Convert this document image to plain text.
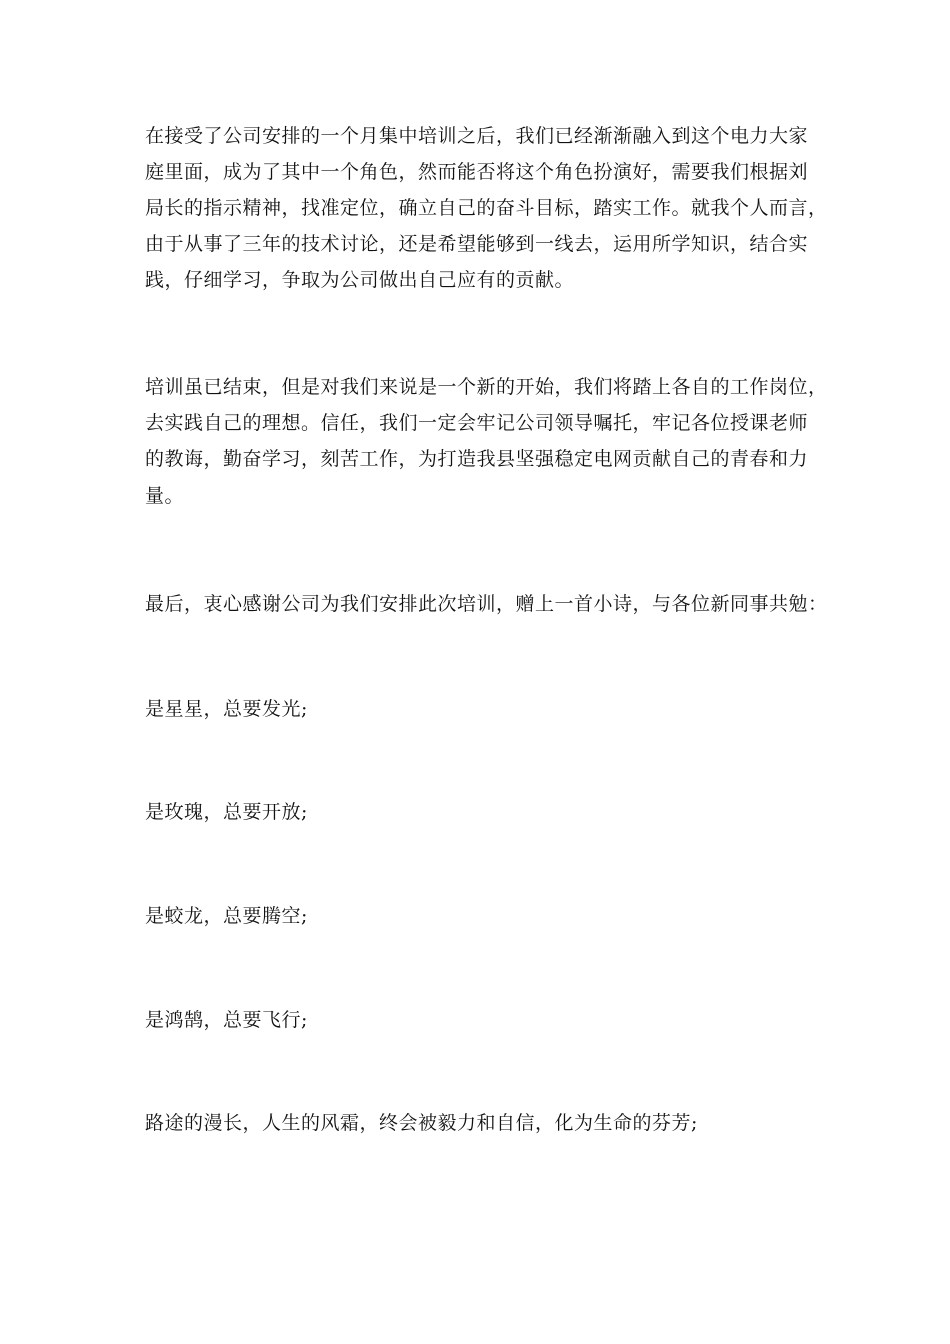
在接受了公司安排的一个月集中培训之后，我们已经渐渐融入到这个电力大家
庭里面，成为了其中一个角色，然而能否将这个角色扮演好，需要我们根据刘
局长的指示精神，找准定位，确立自己的奋斗目标，踏实工作。就我个人而言，
由于从事了三年的技术讨论，还是希望能够到一线去，运用所学知识，结合实
践，仔细学习，争取为公司做出自己应有的贡献。
培训虽已结束，但是对我们来说是一个新的开始，我们将踏上各自的工作岗位，
去实践自己的理想。信任，我们一定会牢记公司领导嘱托，牢记各位授课老师
的教诲，勤奋学习，刻苦工作，为打造我县坚强稳定电网贡献自己的青春和力
量。
最后，衷心感谢公司为我们安排此次培训，赠上一首小诗，与各位新同事共勉：
是星星，总要发光;
是玫瑰，总要开放;
是蛟龙，总要腾空;
是鸿鹄，总要飞行;
路途的漫长，人生的风霜，终会被毅力和自信，化为生命的芬芳;
